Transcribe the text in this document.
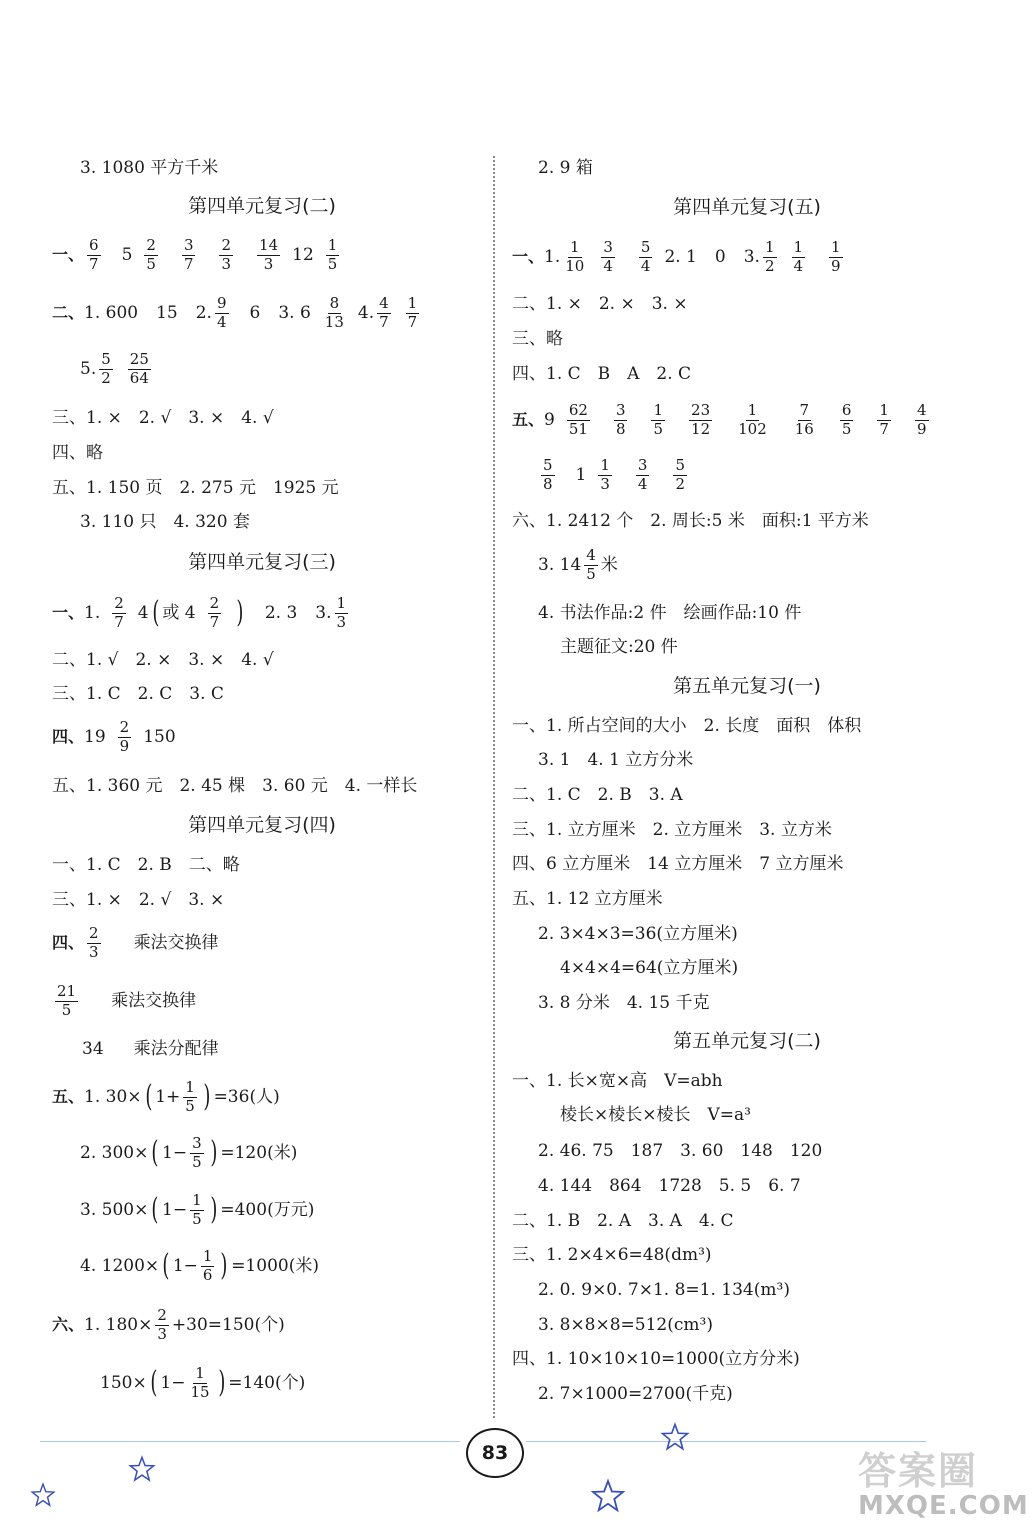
3. 1080 平方千米
第四单元复习(二)
一、 $\frac{6}{7} 5 \frac{2}{5} \frac{3}{7} \frac{2}{3} \frac{14}{3} 12 \frac{1}{5}$
二、 1. 600 15 2. $\frac{9}{4} 6$ 3. $6 \frac{8}{13} 4$. $\frac{4}{7} \frac{1}{7}$
5. $\frac{5}{2} \frac{25}{64}$
三、1. ×　2. √　3. ×　4. √
四、略
五、1. 150 页　2. 275 元　1925 元
3. 110 只　4. 320 套
第四单元复习(三)
一、 1. $\frac{2}{7} 4$ ( 或 $4 \frac{2}{7}$ ) 2. 3 3. $\frac{1}{3}$
二、1. √　2. ×　3. ×　4. √
三、1. C　2. C　3. C
四、 $19 \frac{2}{9} 150$
五、1. 360 元　2. 45 棵　3. 60 元　4. 一样长
第四单元复习(四)
一、1. C　2. B　二、略
三、1. ×　2. √　3. ×
四、 $\frac{2}{3}$ 乘法交换律
$\frac{21}{5}$ 乘法交换律
34 乘法分配律
五、 1. 30× ( $1+ \frac{1}{5}$ ) =36(人)
2. 300× ( $1- \frac{3}{5}$ ) =120(米)
3. 500× ( $1- \frac{1}{5}$ ) =400(万元)
4. 1200× ( $1- \frac{1}{6}$ ) =1000(米)
六、 1. $180\times \frac{2}{3} +30=150$(个)
150× ( $1- \frac{1}{15}$ ) =140(个)
2. 9 箱
第四单元复习(五)
一、 1. $\frac{1}{10} \frac{3}{4} \frac{5}{4} 2$. 1 0 3. $\frac{1}{2} \frac{1}{4} \frac{1}{9}$
二、1. ×　2. ×　3. ×
三、略
四、1. C　B　A　2. C
五、 $9 \frac{62}{51} \frac{3}{8} \frac{1}{5} \frac{23}{12} \frac{1}{102} \frac{7}{16} \frac{6}{5} \frac{1}{7} \frac{4}{9}$
$\frac{5}{8} 1 \frac{1}{3} \frac{3}{4} \frac{5}{2}$
六、1. 2412 个　2. 周长:5 米　面积:1 平方米
3. $14 \frac{4}{5}$ 米
4. 书法作品:2 件　绘画作品:10 件
主题征文:20 件
第五单元复习(一)
一、1. 所占空间的大小　2. 长度　面积　体积
3. 1　4. 1 立方分米
二、1. C　2. B　3. A
三、1. 立方厘米　2. 立方厘米　3. 立方米
四、6 立方厘米　14 立方厘米　7 立方厘米
五、1. 12 立方厘米
2. 3×4×3=36(立方厘米)
4×4×4=64(立方厘米)
3. 8 分米　4. 15 千克
第五单元复习(二)
一、1. 长×宽×高　V=abh
棱长×棱长×棱长　V=a³
2. 46. 75　187　3. 60　148　120
4. 144　864　1728　5. 5　6. 7
二、1. B　2. A　3. A　4. C
三、1. 2×4×6=48(dm³)
2. 0. 9×0. 7×1. 8=1. 134(m³)
3. 8×8×8=512(cm³)
四、1. 10×10×10=1000(立方分米)
2. 7×1000=2700(千克)
83	答案圈
MXQE.COM
